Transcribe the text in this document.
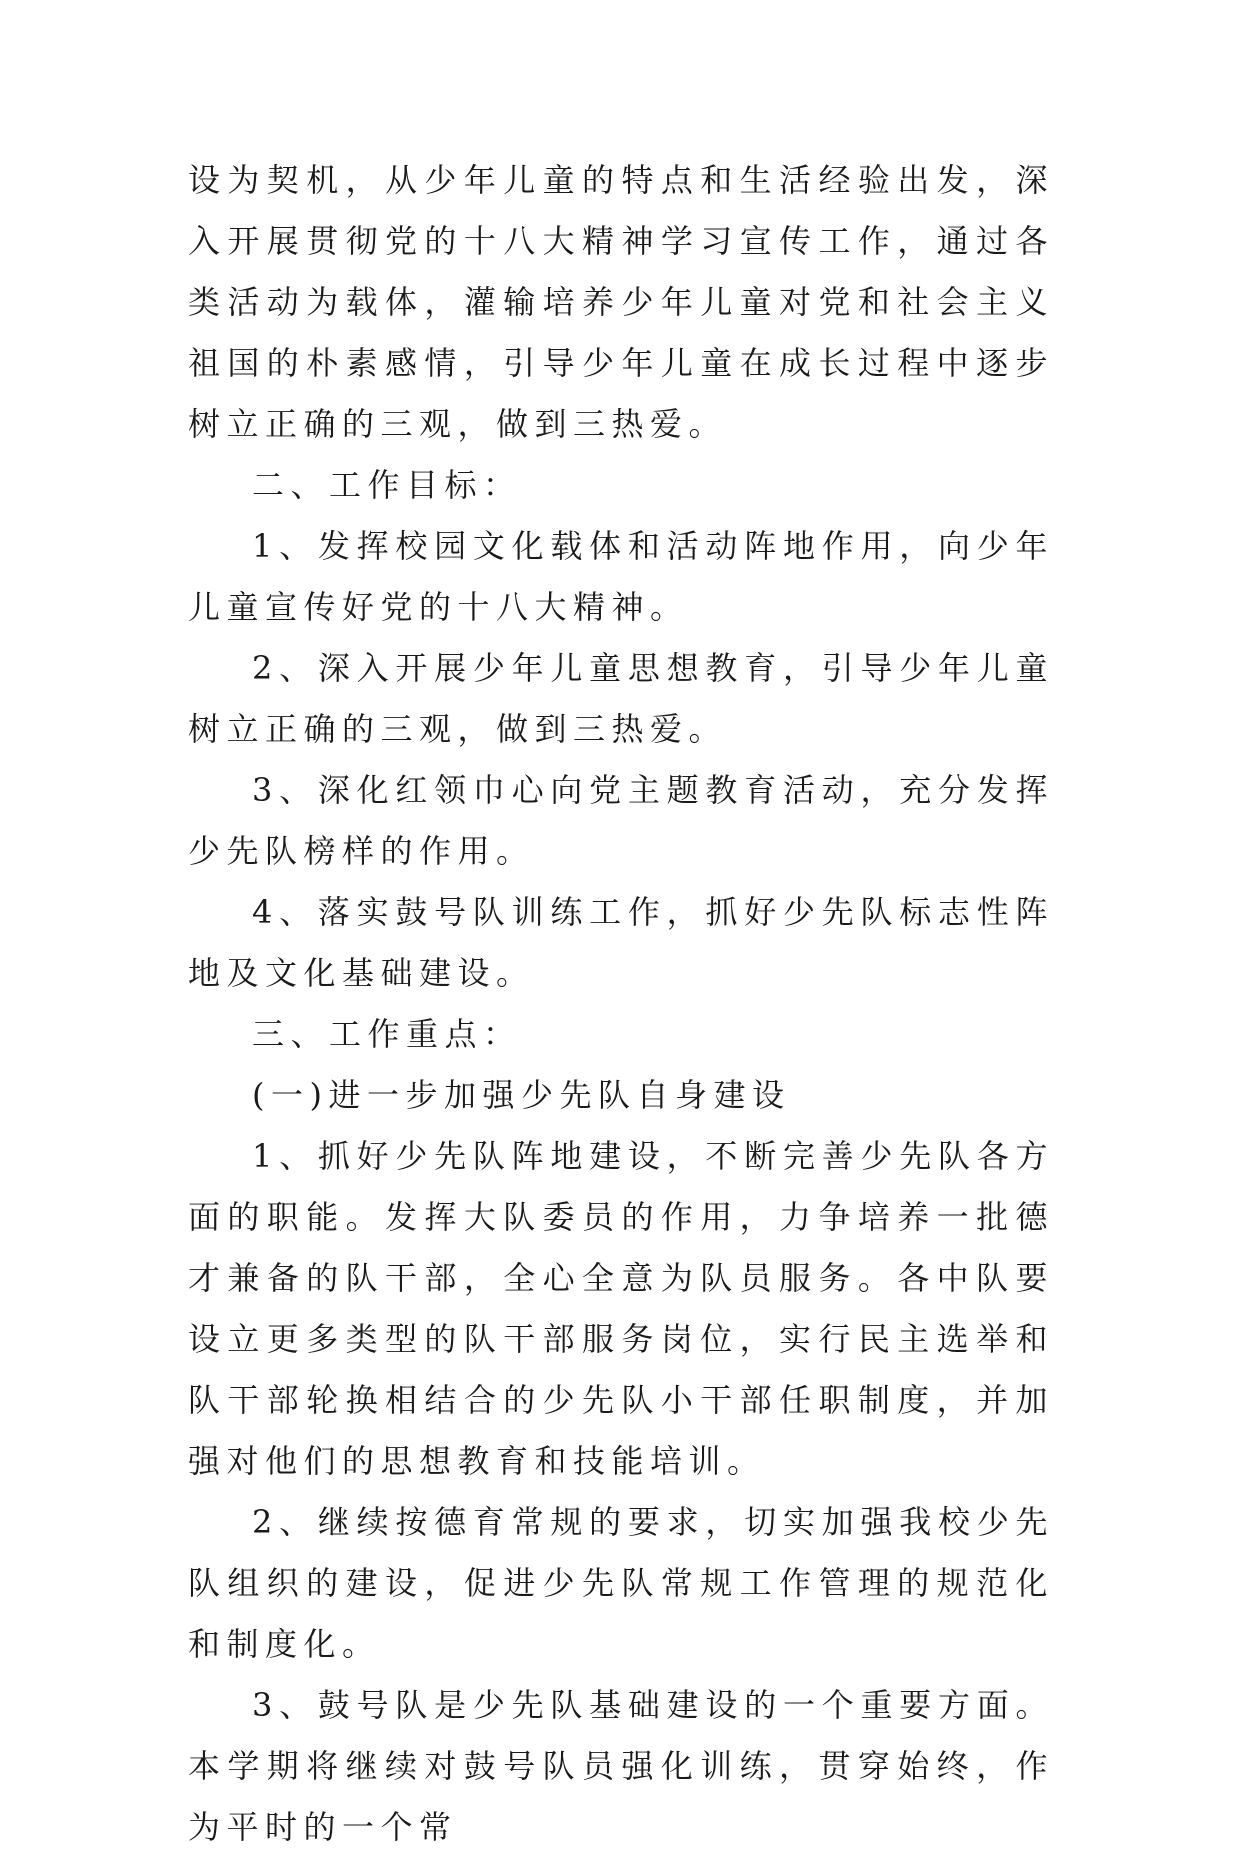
设为契机，从少年儿童的特点和生活经验出发，深入开展贯彻党的十八大精神学习宣传工作，通过各类活动为载体，灌输培养少年儿童对党和社会主义祖国的朴素感情，引导少年儿童在成长过程中逐步树立正确的三观，做到三热爱。

二、工作目标：

1、发挥校园文化载体和活动阵地作用，向少年儿童宣传好党的十八大精神。

2、深入开展少年儿童思想教育，引导少年儿童树立正确的三观，做到三热爱。

3、深化红领巾心向党主题教育活动，充分发挥少先队榜样的作用。

4、落实鼓号队训练工作，抓好少先队标志性阵地及文化基础建设。

三、工作重点：

(一)进一步加强少先队自身建设

1、抓好少先队阵地建设，不断完善少先队各方面的职能。发挥大队委员的作用，力争培养一批德才兼备的队干部，全心全意为队员服务。各中队要设立更多类型的队干部服务岗位，实行民主选举和队干部轮换相结合的少先队小干部任职制度，并加强对他们的思想教育和技能培训。

2、继续按德育常规的要求，切实加强我校少先队组织的建设，促进少先队常规工作管理的规范化和制度化。

3、鼓号队是少先队基础建设的一个重要方面。本学期将继续对鼓号队员强化训练，贯穿始终，作为平时的一个常
